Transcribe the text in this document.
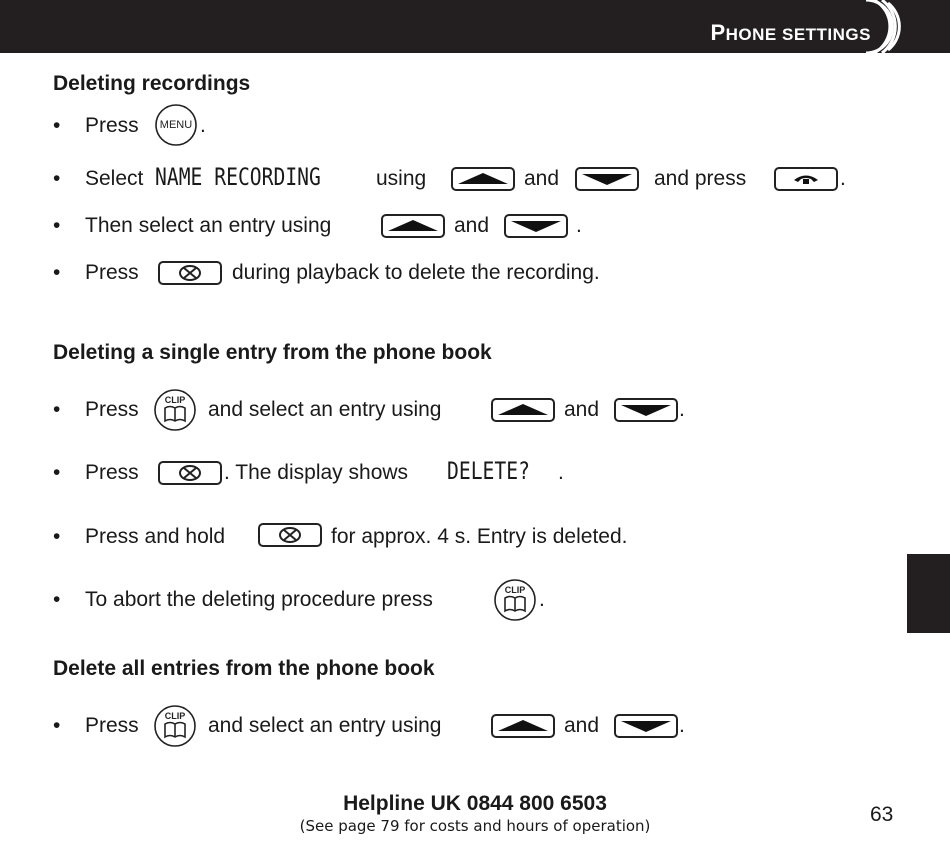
PHONE SETTINGS
Deleting recordings
• Press MENU .
• Select NAME RECORDING	using	and	and press	.
• Then select an entry using	and	.
• Press	during playback to delete the recording.
Deleting a single entry from the phone book
• Press	CLIP and select an entry using	and	.
• Press	. The display shows DELETE? .
• Press and hold	for approx. 4 s. Entry is deleted.
• To abort the deleting procedure press	CLIP .
Delete all entries from the phone book
• Press	CLIP and select an entry using	and	.
Helpline UK 0844 800 6503
(See page 79 for costs and hours of operation)	63
